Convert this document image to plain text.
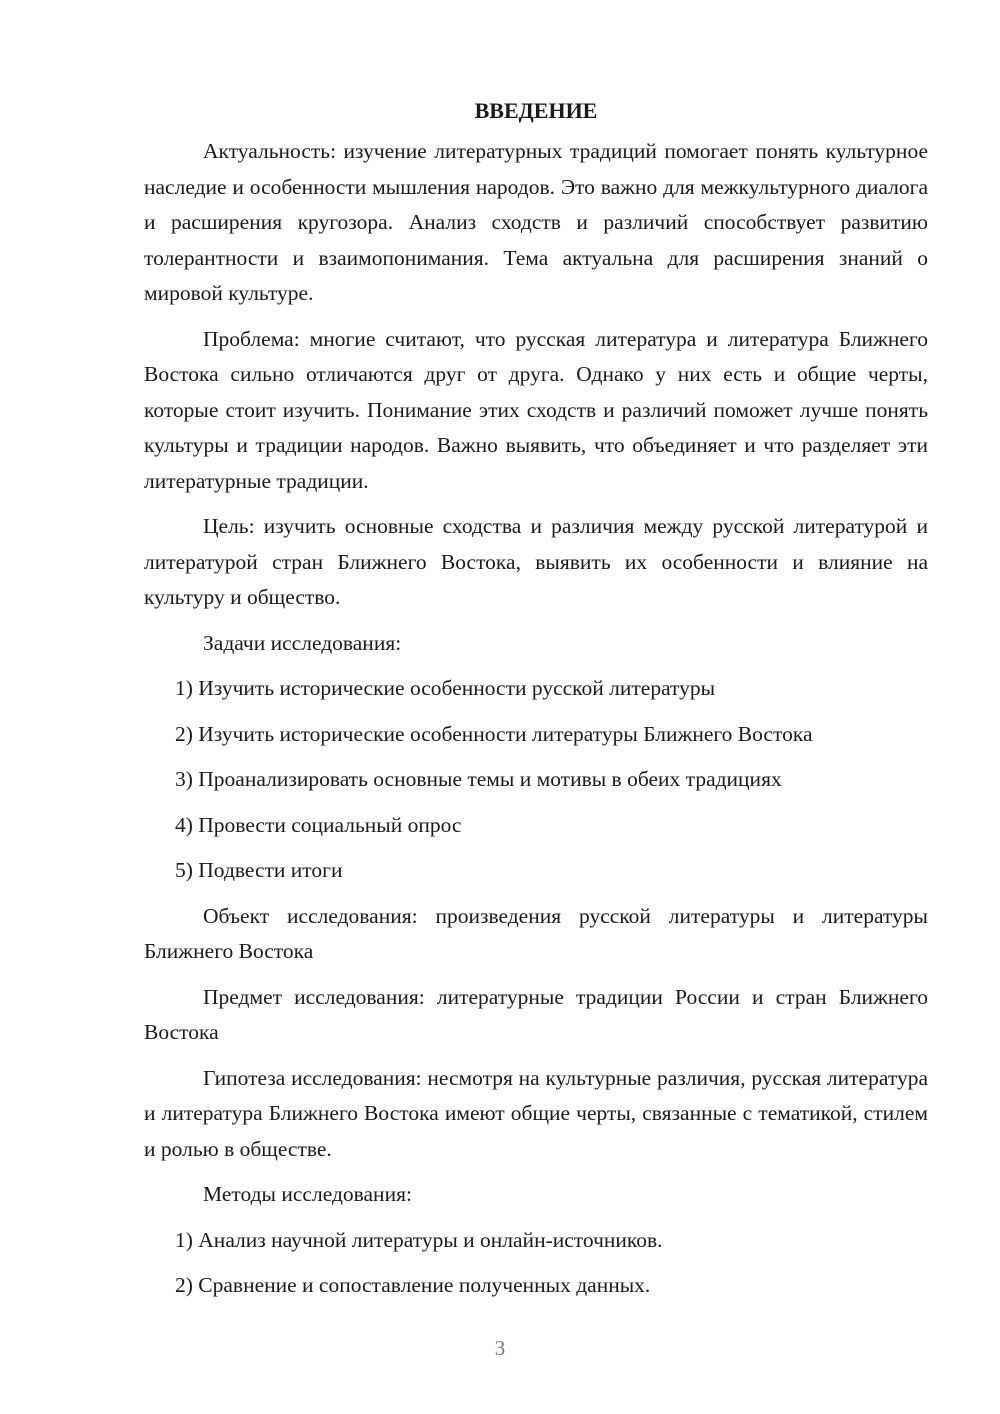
ВВЕДЕНИЕ

Актуальность: изучение литературных традиций помогает понять культурное наследие и особенности мышления народов. Это важно для межкультурного диалога и расширения кругозора. Анализ сходств и различий способствует развитию толерантности и взаимопонимания. Тема актуальна для расширения знаний о мировой культуре.

Проблема: многие считают, что русская литература и литература Ближнего Востока сильно отличаются друг от друга. Однако у них есть и общие черты, которые стоит изучить. Понимание этих сходств и различий поможет лучше понять культуры и традиции народов. Важно выявить, что объединяет и что разделяет эти литературные традиции.

Цель: изучить основные сходства и различия между русской литературой и литературой стран Ближнего Востока, выявить их особенности и влияние на культуру и общество.

Задачи исследования:

1) Изучить исторические особенности русской литературы
2) Изучить исторические особенности литературы Ближнего Востока
3) Проанализировать основные темы и мотивы в обеих традициях
4) Провести социальный опрос
5) Подвести итоги

Объект исследования: произведения русской литературы и литературы Ближнего Востока

Предмет исследования: литературные традиции России и стран Ближнего Востока

Гипотеза исследования: несмотря на культурные различия, русская литература и литература Ближнего Востока имеют общие черты, связанные с тематикой, стилем и ролью в обществе.

Методы исследования:

1) Анализ научной литературы и онлайн-источников.
2) Сравнение и сопоставление полученных данных.
3
